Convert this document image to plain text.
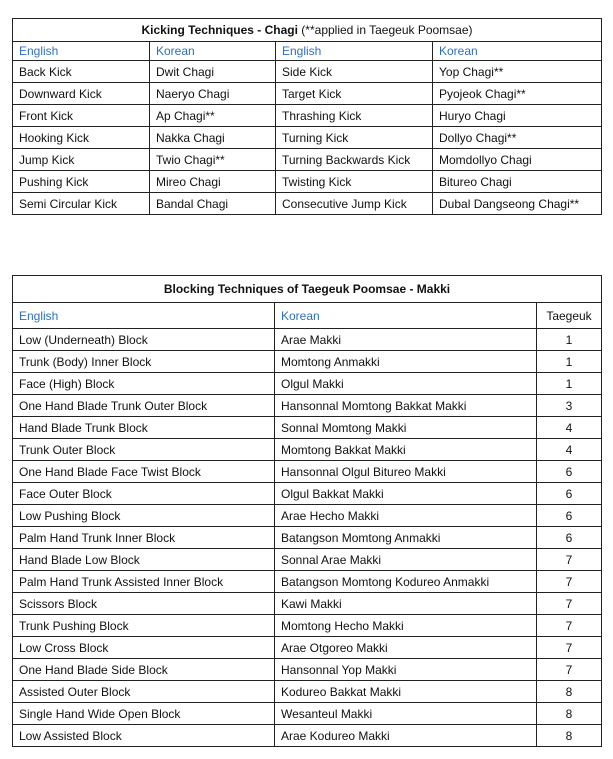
Kicking Techniques - Chagi (**applied in Taegeuk Poomsae)			
English	Korean	English	Korean
Back Kick	Dwit Chagi	Side Kick	Yop Chagi**
Downward Kick	Naeryo Chagi	Target Kick	Pyojeok Chagi**
Front Kick	Ap Chagi**	Thrashing Kick	Huryo Chagi
Hooking Kick	Nakka Chagi	Turning Kick	Dollyo Chagi**
Jump Kick	Twio Chagi**	Turning Backwards Kick	Momdollyo Chagi
Pushing Kick	Mireo Chagi	Twisting Kick	Bitureo Chagi
Semi Circular Kick	Bandal Chagi	Consecutive Jump Kick	Dubal Dangseong Chagi**
Blocking Techniques of Taegeuk Poomsae - Makki		
English	Korean	Taegeuk
Low (Underneath) Block	Arae Makki	1
Trunk (Body) Inner Block	Momtong Anmakki	1
Face (High) Block	Olgul Makki	1
One Hand Blade Trunk Outer Block	Hansonnal Momtong Bakkat Makki	3
Hand Blade Trunk Block	Sonnal Momtong Makki	4
Trunk Outer Block	Momtong Bakkat Makki	4
One Hand Blade Face Twist Block	Hansonnal Olgul Bitureo Makki	6
Face Outer Block	Olgul Bakkat Makki	6
Low Pushing Block	Arae Hecho Makki	6
Palm Hand Trunk Inner Block	Batangson Momtong Anmakki	6
Hand Blade Low Block	Sonnal Arae Makki	7
Palm Hand Trunk Assisted Inner Block	Batangson Momtong Kodureo Anmakki	7
Scissors Block	Kawi Makki	7
Trunk Pushing Block	Momtong Hecho Makki	7
Low Cross Block	Arae Otgoreo Makki	7
One Hand Blade Side Block	Hansonnal Yop Makki	7
Assisted Outer Block	Kodureo Bakkat Makki	8
Single Hand Wide Open Block	Wesanteul Makki	8
Low Assisted Block	Arae Kodureo Makki	8
